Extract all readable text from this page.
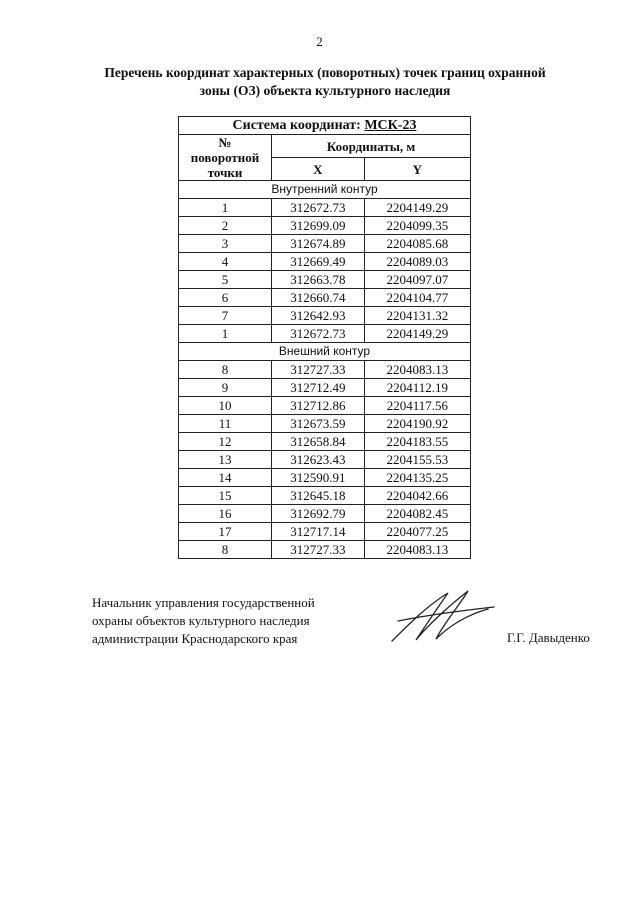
2
Перечень координат характерных (поворотных) точек границ охранной
зоны (ОЗ) объекта культурного наследия
Система координат: МСК-23		

№
поворотной
точки	Координаты, м	
	X	Y
Внутренний контур		
1	312672.73	2204149.29
2	312699.09	2204099.35
3	312674.89	2204085.68
4	312669.49	2204089.03
5	312663.78	2204097.07
6	312660.74	2204104.77
7	312642.93	2204131.32
1	312672.73	2204149.29
Внешний контур		
8	312727.33	2204083.13
9	312712.49	2204112.19
10	312712.86	2204117.56
11	312673.59	2204190.92
12	312658.84	2204183.55
13	312623.43	2204155.53
14	312590.91	2204135.25
15	312645.18	2204042.66
16	312692.79	2204082.45
17	312717.14	2204077.25
8	312727.33	2204083.13
Начальник управления государственной
охраны объектов культурного наследия
администрации Краснодарского края	Г.Г. Давыденко
